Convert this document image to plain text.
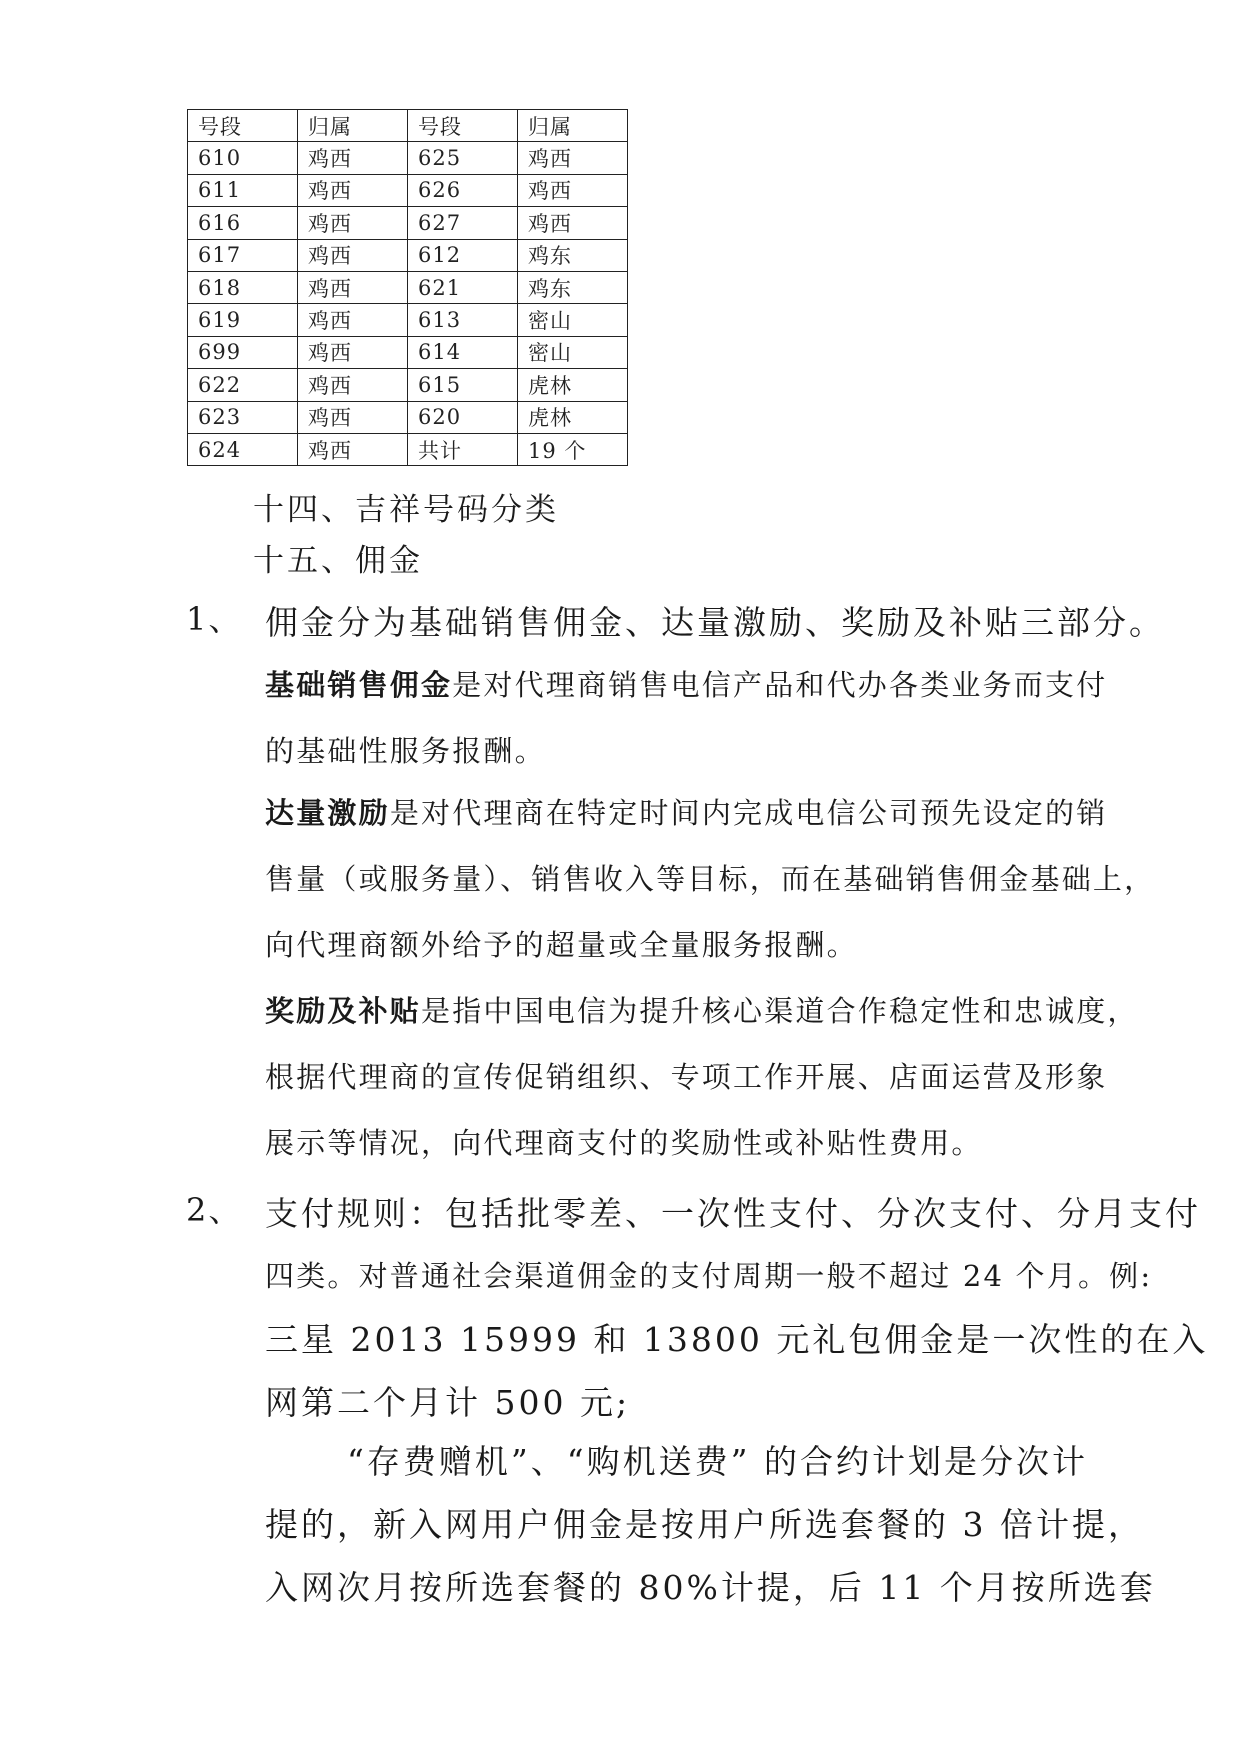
号段	归属	号段	归属
610	鸡西	625	鸡西
611	鸡西	626	鸡西
616	鸡西	627	鸡西
617	鸡西	612	鸡东
618	鸡西	621	鸡东
619	鸡西	613	密山
699	鸡西	614	密山
622	鸡西	615	虎林
623	鸡西	620	虎林
624	鸡西	共计	19 个
十四、吉祥号码分类
十五、佣金
1、 佣金分为基础销售佣金、达量激励、奖励及补贴三部分。
基础销售佣金是对代理商销售电信产品和代办各类业务而支付
的基础性服务报酬。
达量激励是对代理商在特定时间内完成电信公司预先设定的销
售量（或服务量）、销售收入等目标，而在基础销售佣金基础上，
向代理商额外给予的超量或全量服务报酬。
奖励及补贴是指中国电信为提升核心渠道合作稳定性和忠诚度，
根据代理商的宣传促销组织、专项工作开展、店面运营及形象
展示等情况，向代理商支付的奖励性或补贴性费用。
2、 支付规则：包括批零差、一次性支付、分次支付、分月支付
四类。对普通社会渠道佣金的支付周期一般不超过 24 个月。例:
三星 2013 15999 和 13800 元礼包佣金是一次性的在入
网第二个月计 500 元;
“存费赠机”、“购机送费” 的合约计划是分次计
提的，新入网用户佣金是按用户所选套餐的 3 倍计提，
入网次月按所选套餐的 80%计提，后 11 个月按所选套
